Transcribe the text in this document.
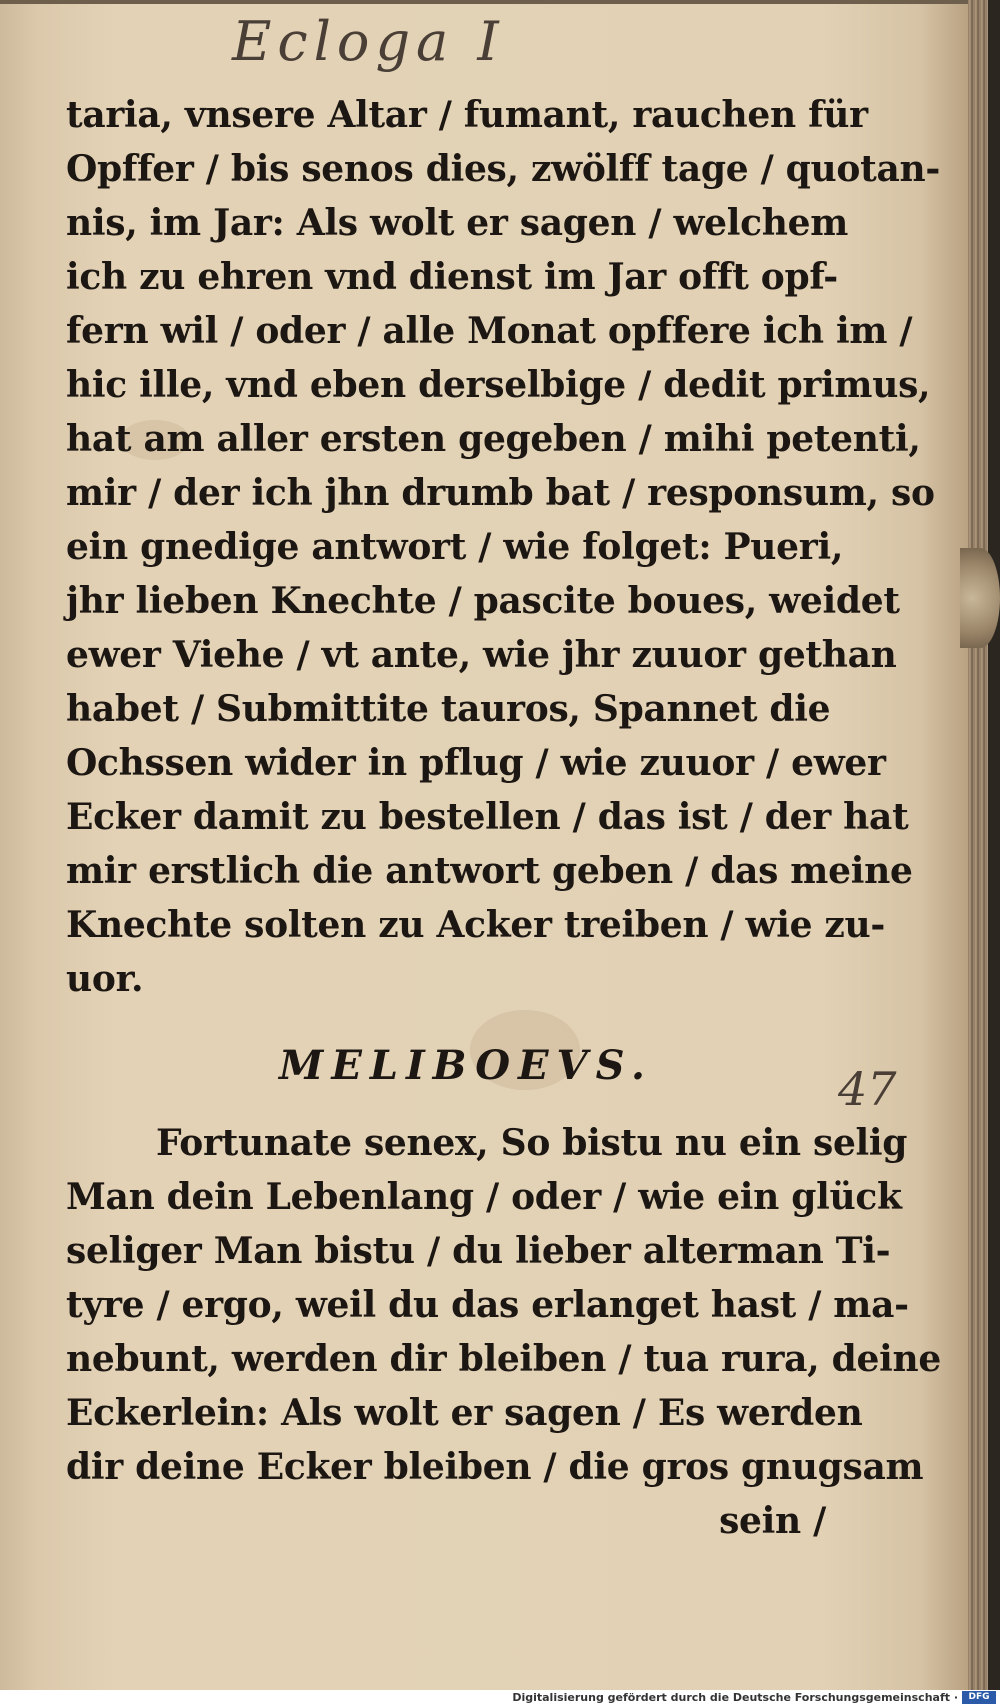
Ecloga I
47
taria, vnsere Altar / fumant, rauchen für
Opffer / bis senos dies, zwölff tage / quotan-
nis, im Jar: Als wolt er sagen / welchem
ich zu ehren vnd dienst im Jar offt opf-
fern wil / oder / alle Monat opffere ich im /
hic ille, vnd eben derselbige / dedit primus,
hat am aller ersten gegeben / mihi petenti,
mir / der ich jhn drumb bat / responsum, so
ein gnedige antwort / wie folget: Pueri,
jhr lieben Knechte / pascite boues, weidet
ewer Viehe / vt ante, wie jhr zuuor gethan
habet / Submittite tauros, Spannet die
Ochssen wider in pflug / wie zuuor / ewer
Ecker damit zu bestellen / das ist / der hat
mir erstlich die antwort geben / das meine
Knechte solten zu Acker treiben / wie zu-
uor.
MELIBOEVS.
Fortunate senex, So bistu nu ein selig
Man dein Lebenlang / oder / wie ein glück
seliger Man bistu / du lieber alterman Ti-
tyre / ergo, weil du das erlanget hast / ma-
nebunt, werden dir bleiben / tua rura, deine
Eckerlein: Als wolt er sagen / Es werden
dir deine Ecker bleiben / die gros gnugsam
sein /
Digitalisierung gefördert durch die Deutsche Forschungsgemeinschaft ·	DFG
